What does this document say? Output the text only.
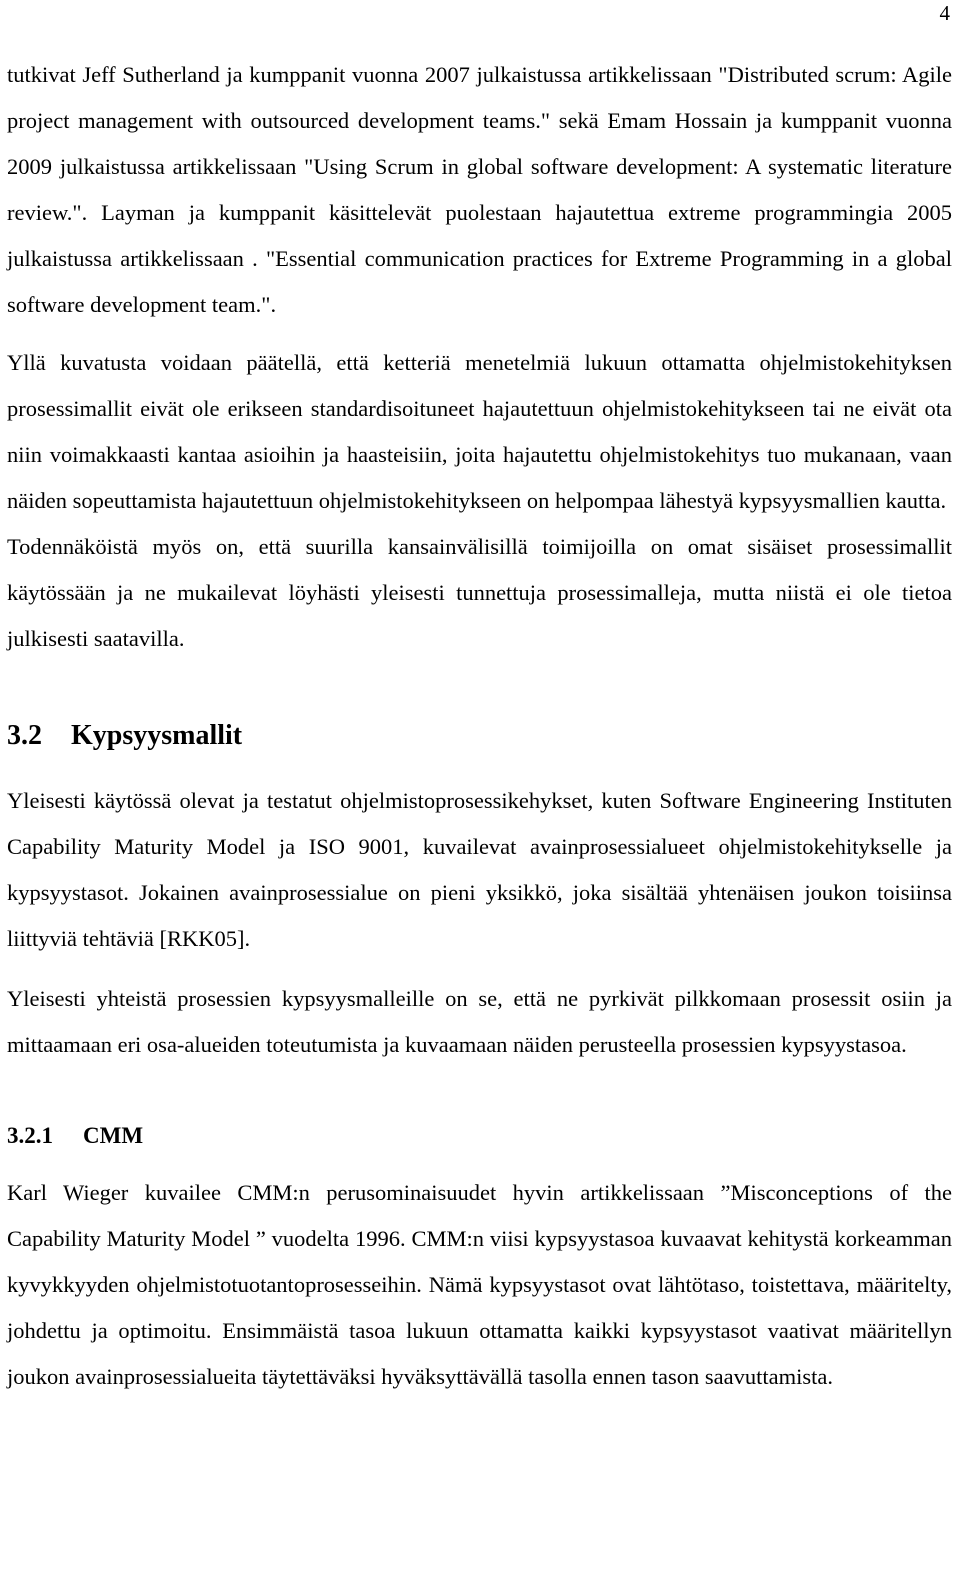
4

tutkivat Jeff Sutherland ja kumppanit vuonna 2007 julkaistussa artikkelissaan "Distributed scrum: Agile project management with outsourced development teams." sekä Emam Hossain ja kumppanit vuonna 2009 julkaistussa artikkelissaan "Using Scrum in global software development: A systematic literature review.". Layman ja kumppanit käsittelevät puolestaan hajautettua extreme programmingia 2005 julkaistussa artikkelissaan . "Essential communication practices for Extreme Programming in a global software development team.".

Yllä kuvatusta voidaan päätellä, että ketteriä menetelmiä lukuun ottamatta ohjelmistokehityksen prosessimallit eivät ole erikseen standardisoituneet hajautettuun ohjelmistokehitykseen tai ne eivät ota niin voimakkaasti kantaa asioihin ja haasteisiin, joita hajautettu ohjelmistokehitys tuo mukanaan, vaan näiden sopeuttamista hajautettuun ohjelmistokehitykseen on helpompaa lähestyä kypsyysmallien kautta.

Todennäköistä myös on, että suurilla kansainvälisillä toimijoilla on omat sisäiset prosessimallit käytössään ja ne mukailevat löyhästi yleisesti tunnettuja prosessimalleja, mutta niistä ei ole tietoa julkisesti saatavilla.

3.2	Kypsyysmallit

Yleisesti käytössä olevat ja testatut ohjelmistoprosessikehykset, kuten Software Engineering Instituten Capability Maturity Model ja ISO 9001, kuvailevat avainprosessialueet ohjelmistokehitykselle ja kypsyystasot. Jokainen avainprosessialue on pieni yksikkö, joka sisältää yhtenäisen joukon toisiinsa liittyviä tehtäviä [RKK05].

Yleisesti yhteistä prosessien kypsyysmalleille on se, että ne pyrkivät pilkkomaan prosessit osiin ja mittaamaan eri osa-alueiden toteutumista ja kuvaamaan näiden perusteella prosessien kypsyystasoa.

3.2.1	CMM

Karl Wieger kuvailee CMM:n perusominaisuudet hyvin artikkelissaan ”Misconceptions of the Capability Maturity Model ” vuodelta 1996. CMM:n viisi kypsyystasoa kuvaavat kehitystä korkeamman kyvykkyyden ohjelmistotuotantoprosesseihin. Nämä kypsyystasot ovat lähtötaso, toistettava, määritelty, johdettu ja optimoitu. Ensimmäistä tasoa lukuun ottamatta kaikki kypsyystasot vaativat määritellyn joukon avainprosessialueita täytettäväksi hyväksyttävällä tasolla ennen tason saavuttamista.
